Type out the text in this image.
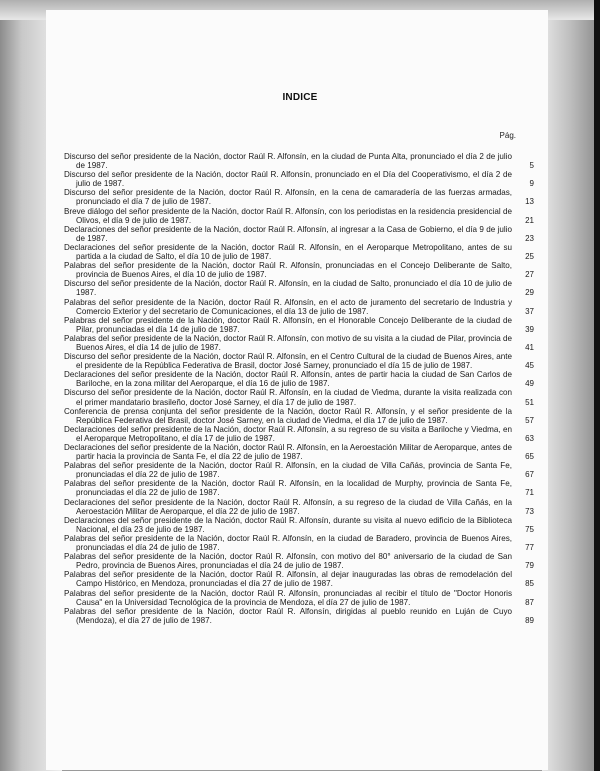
INDICE
Pág.
Discurso del señor presidente de la Nación, doctor Raúl R. Alfonsín, en la ciudad de Punta Alta, pronunciado el día 2 de julio de 1987.	5
Discurso del señor presidente de la Nación, doctor Raúl R. Alfonsín, pronunciado en el Día del Cooperativismo, el día 2 de julio de 1987.	9
Discurso del señor presidente de la Nación, doctor Raúl R. Alfonsín, en la cena de camaradería de las fuerzas armadas, pronunciado el día 7 de julio de 1987.	13
Breve diálogo del señor presidente de la Nación, doctor Raúl R. Alfonsín, con los periodistas en la residencia presidencial de Olivos, el día 9 de julio de 1987.	21
Declaraciones del señor presidente de la Nación, doctor Raúl R. Alfonsín, al ingresar a la Casa de Gobierno, el día 9 de julio de 1987.	23
Declaraciones del señor presidente de la Nación, doctor Raúl R. Alfonsín, en el Aeroparque Metropolitano, antes de su partida a la ciudad de Salto, el día 10 de julio de 1987.	25
Palabras del señor presidente de la Nación, doctor Raúl R. Alfonsín, pronunciadas en el Concejo Deliberante de Salto, provincia de Buenos Aires, el día 10 de julio de 1987.	27
Discurso del señor presidente de la Nación, doctor Raúl R. Alfonsín, en la ciudad de Salto, pronunciado el día 10 de julio de 1987.	29
Palabras del señor presidente de la Nación, doctor Raúl R. Alfonsín, en el acto de juramento del secretario de Industria y Comercio Exterior y del secretario de Comunicaciones, el día 13 de julio de 1987.	37
Palabras del señor presidente de la Nación, doctor Raúl R. Alfonsín, en el Honorable Concejo Deliberante de la ciudad de Pilar, pronunciadas el día 14 de julio de 1987.	39
Palabras del señor presidente de la Nación, doctor Raúl R. Alfonsín, con motivo de su visita a la ciudad de Pilar, provincia de Buenos Aires, el día 14 de julio de 1987.	41
Discurso del señor presidente de la Nación, doctor Raúl R. Alfonsín, en el Centro Cultural de la ciudad de Buenos Aires, ante el presidente de la República Federativa de Brasil, doctor José Sarney, pronunciado el día 15 de julio de 1987.	45
Declaraciones del señor presidente de la Nación, doctor Raúl R. Alfonsín, antes de partir hacia la ciudad de San Carlos de Bariloche, en la zona militar del Aeroparque, el día 16 de julio de 1987.	49
Discurso del señor presidente de la Nación, doctor Raúl R. Alfonsín, en la ciudad de Viedma, durante la visita realizada con el primer mandatario brasileño, doctor José Sarney, el día 17 de julio de 1987.	51
Conferencia de prensa conjunta del señor presidente de la Nación, doctor Raúl R. Alfonsín, y el señor presidente de la República Federativa del Brasil, doctor José Sarney, en la ciudad de Viedma, el día 17 de julio de 1987.	57
Declaraciones del señor presidente de la Nación, doctor Raúl R. Alfonsín, a su regreso de su visita a Bariloche y Viedma, en el Aeroparque Metropolitano, el día 17 de julio de 1987.	63
Declaraciones del señor presidente de la Nación, doctor Raúl R. Alfonsín, en la Aeroestación Militar de Aeroparque, antes de partir hacia la provincia de Santa Fe, el día 22 de julio de 1987.	65
Palabras del señor presidente de la Nación, doctor Raúl R. Alfonsín, en la ciudad de Villa Cañás, provincia de Santa Fe, pronunciadas el día 22 de julio de 1987.	67
Palabras del señor presidente de la Nación, doctor Raúl R. Alfonsín, en la localidad de Murphy, provincia de Santa Fe, pronunciadas el día 22 de julio de 1987.	71
Declaraciones del señor presidente de la Nación, doctor Raúl R. Alfonsín, a su regreso de la ciudad de Villa Cañás, en la Aeroestación Militar de Aeroparque, el día 22 de julio de 1987.	73
Declaraciones del señor presidente de la Nación, doctor Raúl R. Alfonsín, durante su visita al nuevo edificio de la Biblioteca Nacional, el día 23 de julio de 1987.	75
Palabras del señor presidente de la Nación, doctor Raúl R. Alfonsín, en la ciudad de Baradero, provincia de Buenos Aires, pronunciadas el día 24 de julio de 1987.	77
Palabras del señor presidente de la Nación, doctor Raúl R. Alfonsín, con motivo del 80° aniversario de la ciudad de San Pedro, provincia de Buenos Aires, pronunciadas el día 24 de julio de 1987.	79
Palabras del señor presidente de la Nación, doctor Raúl R. Alfonsín, al dejar inauguradas las obras de remodelación del Campo Histórico, en Mendoza, pronunciadas el día 27 de julio de 1987.	85
Palabras del señor presidente de la Nación, doctor Raúl R. Alfonsín, pronunciadas al recibir el título de "Doctor Honoris Causa" en la Universidad Tecnológica de la provincia de Mendoza, el día 27 de julio de 1987.	87
Palabras del señor presidente de la Nación, doctor Raúl R. Alfonsín, dirigidas al pueblo reunido en Luján de Cuyo (Mendoza), el día 27 de julio de 1987.	89
